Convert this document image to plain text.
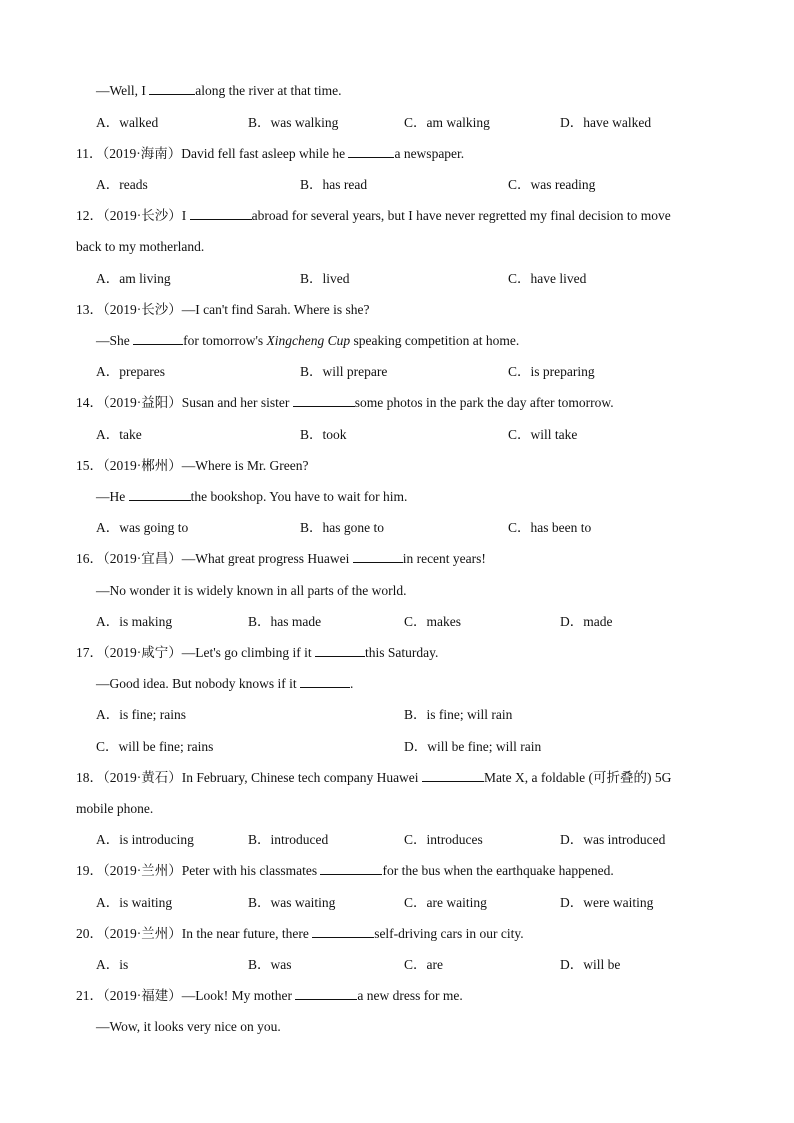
—Well, I	along the river at that time.
A．walked	B．was walking	C．am walking	D．have walked
11．（2019·海南）David fell fast asleep while he	a newspaper.
A．reads	B．has read	C．was reading
12．（2019·长沙）I	abroad for several years, but I have never regretted my final decision to move
back to my motherland.
A．am living	B．lived	C．have lived
13．（2019·长沙）—I can't find Sarah. Where is she?
—She	for tomorrow's Xingcheng Cup speaking competition at home.
A．prepares	B．will prepare	C．is preparing
14．（2019·益阳）Susan and her sister	some photos in the park the day after tomorrow.
A．take	B．took	C．will take
15．（2019·郴州）—Where is Mr. Green?
—He	the bookshop. You have to wait for him.
A．was going to	B．has gone to	C．has been to
16．（2019·宜昌）—What great progress Huawei	in recent years!
—No wonder it is widely known in all parts of the world.
A．is making	B．has made	C．makes	D．made
17．（2019·咸宁）—Let's go climbing if it	this Saturday.
—Good idea. But nobody knows if it	.
A．is fine; rains	B．is fine; will rain
C．will be fine; rains	D．will be fine; will rain
18．（2019·黄石）In February, Chinese tech company Huawei	Mate X, a foldable (可折叠的) 5G
mobile phone.
A．is introducing	B．introduced	C．introduces	D．was introduced
19．（2019·兰州）Peter with his classmates	for the bus when the earthquake happened.
A．is waiting	B．was waiting	C．are waiting	D．were waiting
20．（2019·兰州）In the near future, there	self-driving cars in our city.
A．is	B．was	C．are	D．will be
21．（2019·福建）—Look! My mother	a new dress for me.
—Wow, it looks very nice on you.
